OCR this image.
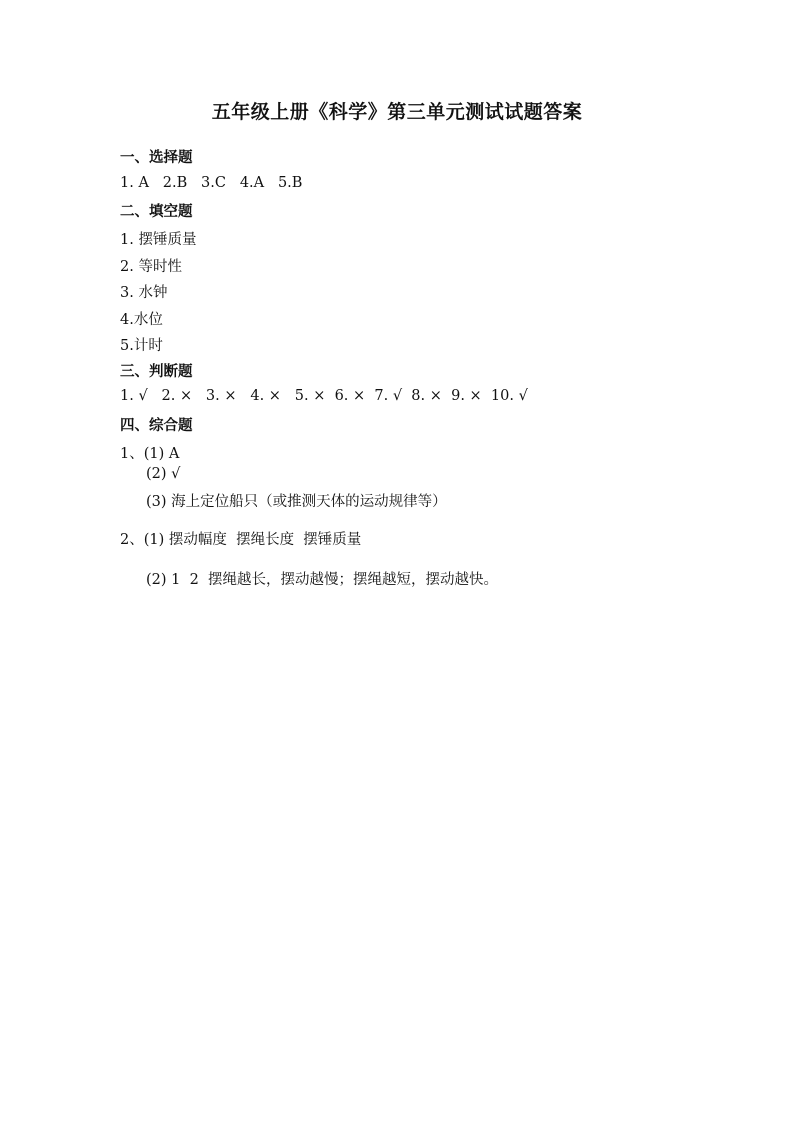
五年级上册《科学》第三单元测试试题答案
一、选择题
1. A   2.B   3.C   4.A   5.B
二、填空题
1. 摆锤质量
2. 等时性
3. 水钟
4.水位
5.计时
三、判断题
1. √   2. ×   3. ×   4. ×   5. ×  6. ×  7. √  8. ×  9. ×  10. √
四、综合题
1、(1) A
(2) √
(3) 海上定位船只（或推测天体的运动规律等）
2、(1) 摆动幅度  摆绳长度  摆锤质量
(2) 1  2  摆绳越长，摆动越慢；摆绳越短，摆动越快。
